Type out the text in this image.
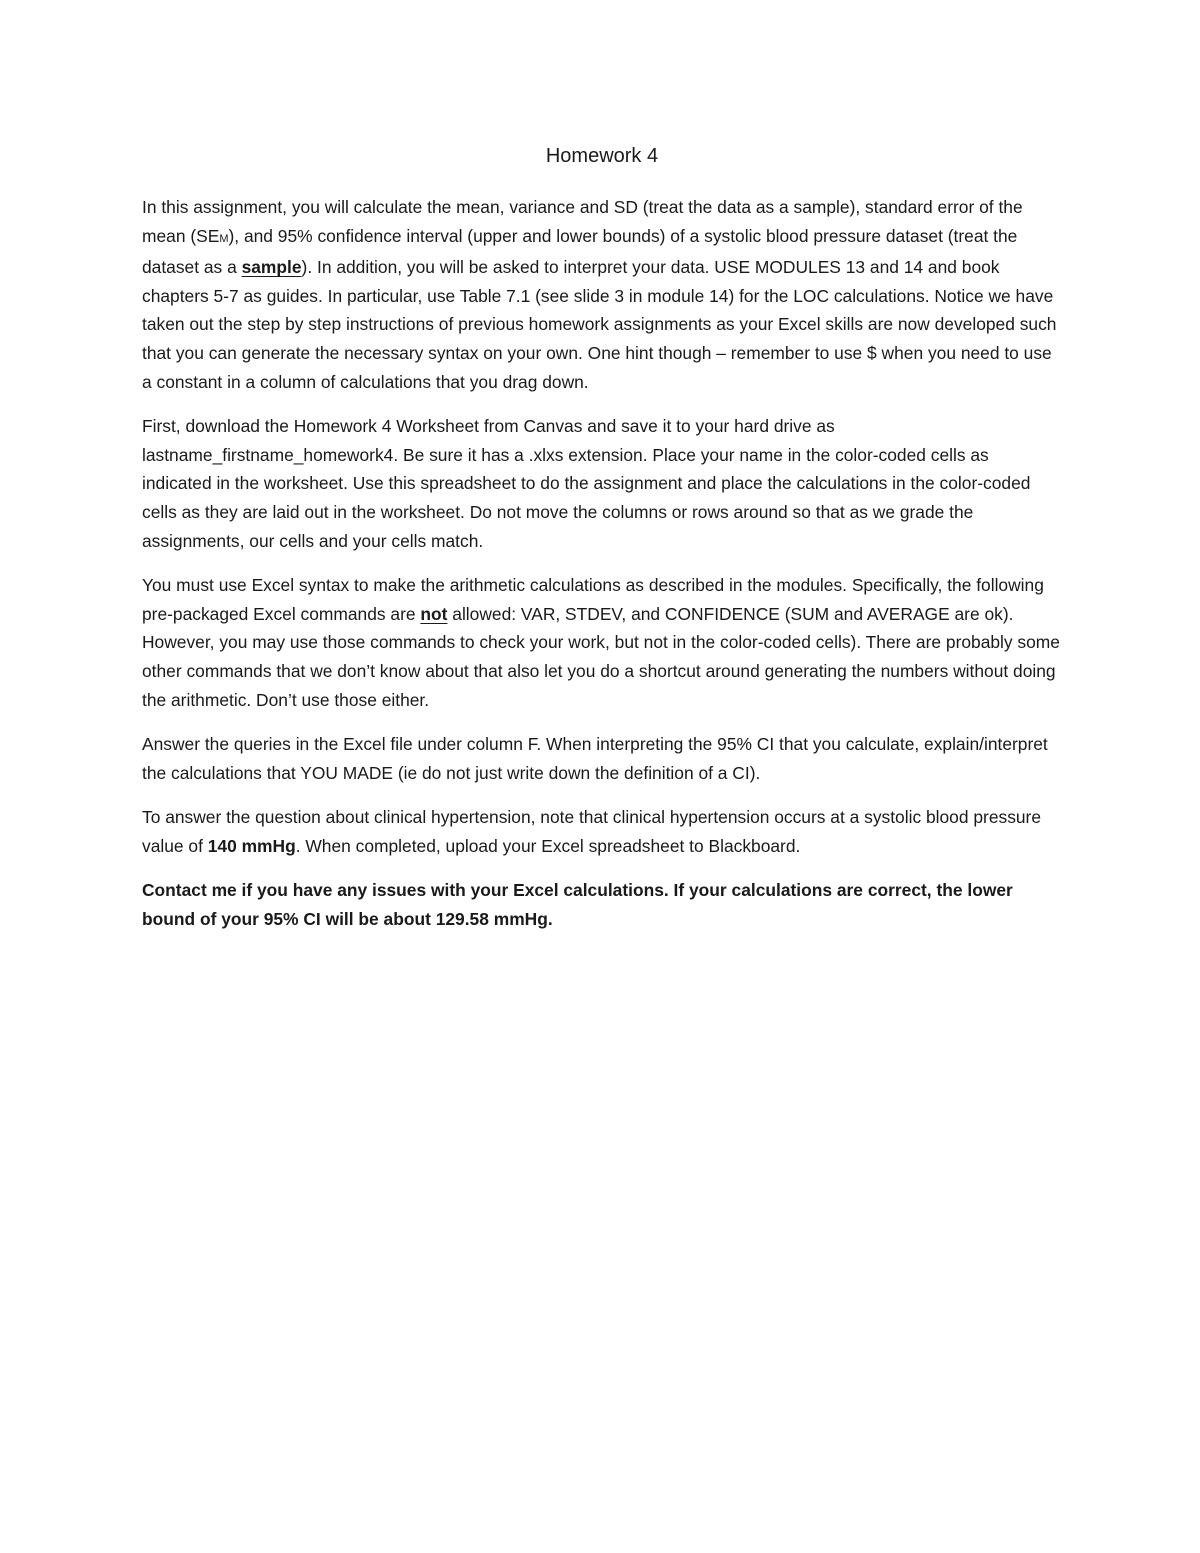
Homework 4

In this assignment, you will calculate the mean, variance and SD (treat the data as a sample), standard error of the mean (SEM), and 95% confidence interval (upper and lower bounds) of a systolic blood pressure dataset (treat the dataset as a sample). In addition, you will be asked to interpret your data. USE MODULES 13 and 14 and book chapters 5-7 as guides. In particular, use Table 7.1 (see slide 3 in module 14) for the LOC calculations. Notice we have taken out the step by step instructions of previous homework assignments as your Excel skills are now developed such that you can generate the necessary syntax on your own. One hint though – remember to use $ when you need to use a constant in a column of calculations that you drag down.

First, download the Homework 4 Worksheet from Canvas and save it to your hard drive as lastname_firstname_homework4. Be sure it has a .xlxs extension. Place your name in the color-coded cells as indicated in the worksheet. Use this spreadsheet to do the assignment and place the calculations in the color-coded cells as they are laid out in the worksheet. Do not move the columns or rows around so that as we grade the assignments, our cells and your cells match.

You must use Excel syntax to make the arithmetic calculations as described in the modules. Specifically, the following pre-packaged Excel commands are not allowed: VAR, STDEV, and CONFIDENCE (SUM and AVERAGE are ok). However, you may use those commands to check your work, but not in the color-coded cells). There are probably some other commands that we don’t know about that also let you do a shortcut around generating the numbers without doing the arithmetic. Don’t use those either.

Answer the queries in the Excel file under column F. When interpreting the 95% CI that you calculate, explain/interpret the calculations that YOU MADE (ie do not just write down the definition of a CI).

To answer the question about clinical hypertension, note that clinical hypertension occurs at a systolic blood pressure value of 140 mmHg. When completed, upload your Excel spreadsheet to Blackboard.

Contact me if you have any issues with your Excel calculations. If your calculations are correct, the lower bound of your 95% CI will be about 129.58 mmHg.
